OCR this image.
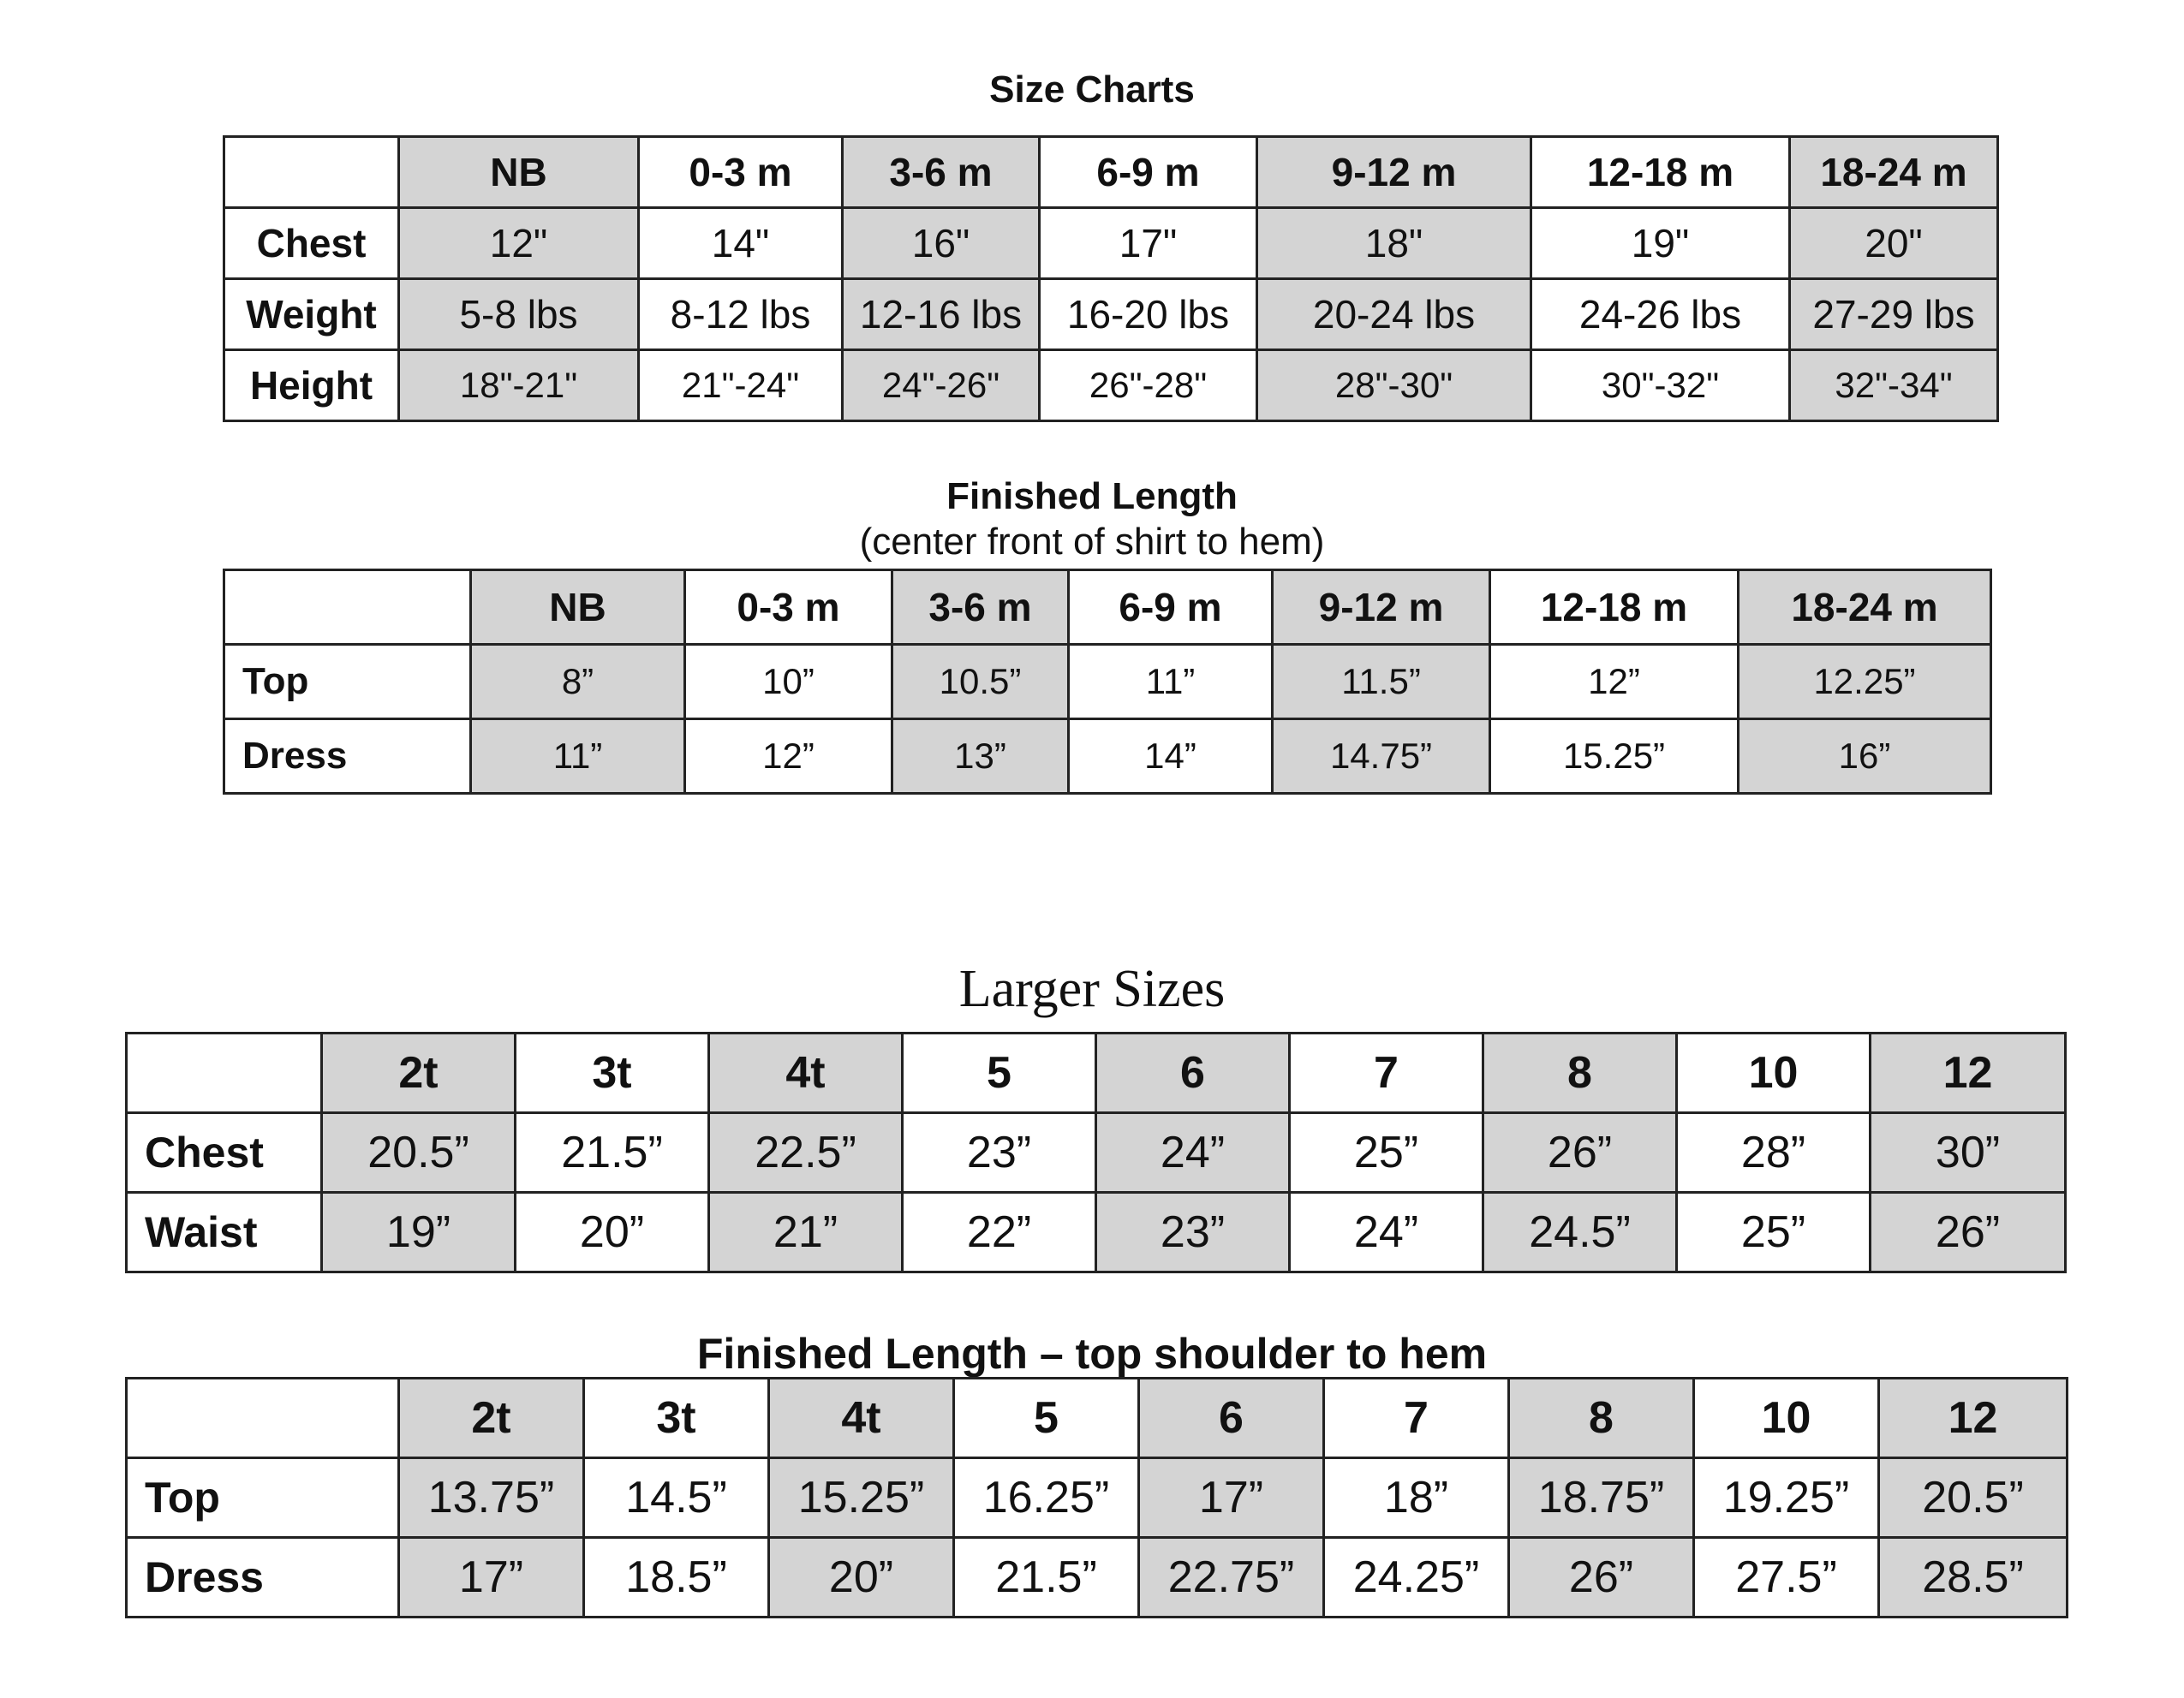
Size Charts
	NB	0-3 m	3-6 m	6-9 m	9-12 m	12-18 m	18-24 m
Chest	12"	14"	16"	17"	18"	19"	20"
Weight	5-8 lbs	8-12 lbs	12-16 lbs	16-20 lbs	20-24 lbs	24-26 lbs	27-29 lbs
Height	18"-21"	21"-24"	24"-26"	26"-28"	28"-30"	30"-32"	32"-34"
Finished Length
(center front of shirt to hem)
	NB	0-3 m	3-6 m	6-9 m	9-12 m	12-18 m	18-24 m
Top	8”	10”	10.5”	11”	11.5”	12”	12.25”
Dress	11”	12”	13”	14”	14.75”	15.25”	16”
Larger Sizes
	2t	3t	4t	5	6	7	8	10	12
Chest	20.5”	21.5”	22.5”	23”	24”	25”	26”	28”	30”
Waist	19”	20”	21”	22”	23”	24”	24.5”	25”	26”
Finished Length – top shoulder to hem
	2t	3t	4t	5	6	7	8	10	12
Top	13.75”	14.5”	15.25”	16.25”	17”	18”	18.75”	19.25”	20.5”
Dress	17”	18.5”	20”	21.5”	22.75”	24.25”	26”	27.5”	28.5”
